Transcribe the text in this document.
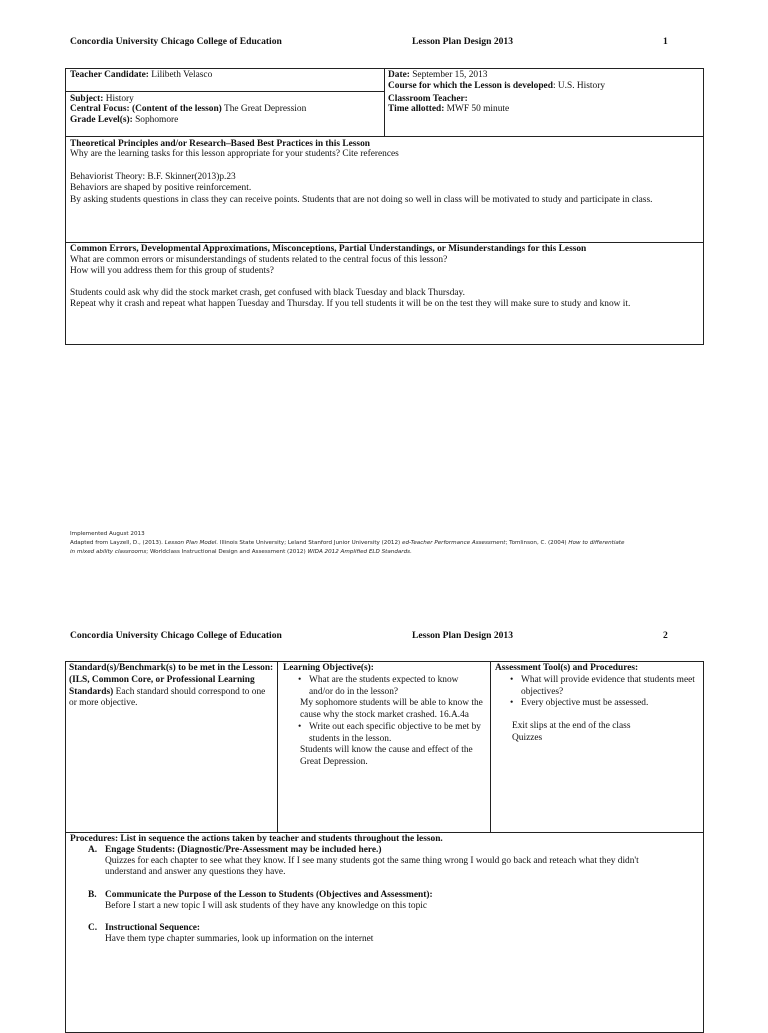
Concordia University Chicago College of Education	Lesson Plan Design 2013	1
Teacher Candidate: Lilibeth Velasco	Date: September 15, 2013
Course for which the Lesson is developed: U.S. History
Subject: History
Central Focus: (Content of the lesson) The Great Depression
Grade Level(s): Sophomore
Classroom Teacher:
Time allotted: MWF 50 minute
Theoretical Principles and/or Research–Based Best Practices in this Lesson
Why are the learning tasks for this lesson appropriate for your students? Cite references
Behaviorist Theory: B.F. Skinner(2013)p.23
Behaviors are shaped by positive reinforcement.
By asking students questions in class they can receive points. Students that are not doing so well in class will be motivated to study and participate in class.
Common Errors, Developmental Approximations, Misconceptions, Partial Understandings, or Misunderstandings for this Lesson
What are common errors or misunderstandings of students related to the central focus of this lesson?
How will you address them for this group of students?
Students could ask why did the stock market crash, get confused with black Tuesday and black Thursday.
Repeat why it crash and repeat what happen Tuesday and Thursday. If you tell students it will be on the test they will make sure to study and know it.
Implemented August 2013
Adapted from Layzell, D., (2013). Lesson Plan Model. Illinois State University; Leland Stanford Junior University (2012) ed-Teacher Performance Assessment; Tomlinson, C. (2004) How to differentiate
in mixed ability classrooms; Worldclass Instructional Design and Assessment (2012) WIDA 2012 Amplified ELD Standards.
Concordia University Chicago College of Education	Lesson Plan Design 2013	2
Standard(s)/Benchmark(s) to be met in the Lesson: (ILS, Common Core, or Professional Learning Standards) Each standard should correspond to one or more objective.
Learning Objective(s):
• What are the students expected to know and/or do in the lesson?
My sophomore students will be able to know the cause why the stock market crashed. 16.A.4a
• Write out each specific objective to be met by students in the lesson.
Students will know the cause and effect of the Great Depression.
Assessment Tool(s) and Procedures:
• What will provide evidence that students meet objectives?
• Every objective must be assessed.
Exit slips at the end of the class
Quizzes
Procedures: List in sequence the actions taken by teacher and students throughout the lesson.
A. Engage Students: (Diagnostic/Pre-Assessment may be included here.)
Quizzes for each chapter to see what they know. If I see many students got the same thing wrong I would go back and reteach what they didn't
understand and answer any questions they have.
B. Communicate the Purpose of the Lesson to Students (Objectives and Assessment):
Before I start a new topic I will ask students of they have any knowledge on this topic
C. Instructional Sequence:
Have them type chapter summaries, look up information on the internet
